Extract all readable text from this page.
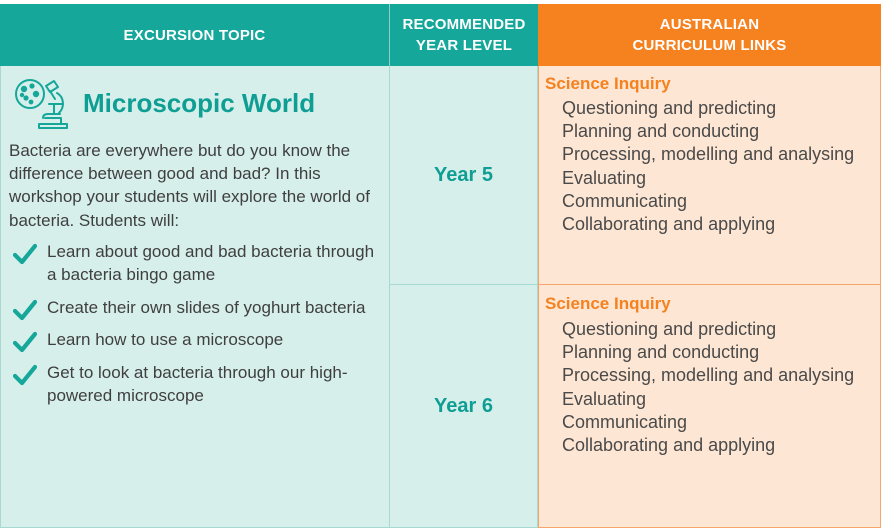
EXCURSION TOPIC
RECOMMENDED
YEAR LEVEL
AUSTRALIAN
CURRICULUM LINKS
Microscopic World
Bacteria are everywhere but do you know the difference between good and bad? In this workshop your students will explore the world of bacteria. Students will:
Learn about good and bad bacteria through a bacteria bingo game
Create their own slides of yoghurt bacteria
Learn how to use a microscope
Get to look at bacteria through our high-powered microscope
Year 5
Science Inquiry
Questioning and predicting
Planning and conducting
Processing, modelling and analysing
Evaluating
Communicating
Collaborating and applying
Year 6
Science Inquiry
Questioning and predicting
Planning and conducting
Processing, modelling and analysing
Evaluating
Communicating
Collaborating and applying
